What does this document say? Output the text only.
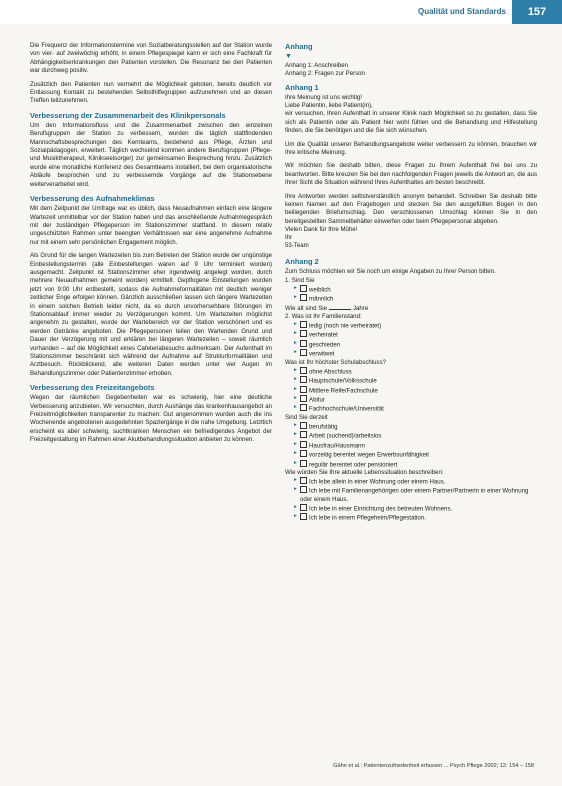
Qualität und Standards	157

Die Frequenz der Informationstermine von Sozialberatungsstellen auf der Station wurde von vier- auf zweiwöchig erhöht, in einem Pflegespiegel kann er sich eine Fachkraft für Abhängigkeitserkrankungen den Patienten vorstellen. Die Resonanz bei den Patienten war durchweg positiv.

Zusätzlich den Patienten nun vermehrt die Möglichkeit geboten, bereits deutlich vor Entlassung Kontakt zu bestehenden Selbsthilfegruppen aufzunehmen und an diesen Treffen teilzunehmen.

Verbesserung der Zusammenarbeit des Klinikpersonals

Um den Informationsfluss und die Zusammenarbeit zwischen den einzelnen Berufsgruppen der Station zu verbessern, wurden die täglich stattfindenden Mannschaftsbesprechungen des Kernteams, bestehend aus Pflege, Ärzten und Sozialpädagogen, erweitert. Täglich wechselnd kommen andere Berufsgruppen (Pflege- und Musiktherapeut, Klinikseelsorger) zur gemeinsamen Besprechung hinzu. Zusätzlich wurde eine monatliche Konferenz des Gesamtteams installiert, bei dem organisatorische Abläufe besprochen und zu verbessernde Vorgänge auf die Stationsebene weiterverarbeitet wird.

Verbesserung des Aufnahmeklimas

Mit dem Zeitpunkt der Umfrage war es üblich, dass Neuaufnahmen einfach eine längere Wartezeit unmittelbar vor der Station haben und das anschließende Aufnahmegespräch mit der zuständigen Pflegeperson im Stationszimmer stattfand. In diesem relativ ungeschützten Rahmen unter beengten Verhältnissen war eine angenehme Aufnahme nur mit einem sehr persönlichen Engagement möglich.

Als Grund für die langen Wartezeiten bis zum Betreten der Station wurde der ungünstige Einbestellungstermin (alle Einbestellungen waren auf 9 Uhr terminiert worden) ausgemacht. Zeitpunkt ist Stationszimmer eher irgendwelig angelegt worden, durch mehrere Neuaufnahmen gemeint worden) ermittelt. Gepflogene Einstellungen wurden jetzt von 9:00 Uhr entbestellt, sodass die Aufnahmeformalitäten mit deutlich weniger zeitlicher Enge erfolgen können. Gänzlich ausschließen lassen sich längere Wartezeiten in einem solchen Betrieb leider nicht, da es durch unvorhersehbare Störungen im Stationsablauf immer wieder zu Verzögerungen kommt. Um Wartezeiten möglichst angenehm zu gestalten, wurde der Wartebereich vor der Station verschönert und es werden Getränke angeboten. Die Pflegepersonen teilen den Wartenden Grund und Dauer der Verzögerung mit und erklären bei längeren Wartezeiten – soweit räumlich vorhanden – auf die Möglichkeit eines Cafeteriabesuchs aufmerksam. Der Aufenthalt im Stationszimmer beschränkt sich während der Aufnahme auf Strukturformalitäten und Arztbesuch. Rückblickend, alle weiteren Daten werden unter vier Augen im Behandlungszimmer oder Patientenzimmer erhoben.

Verbesserung des Freizeitangebots

Wegen der räumlichen Gegebenheiten war es schwierig, hier eine deutliche Verbesserung anzubieten. Wir versuchten, durch Aushänge das krankenhausangebot an Freizeitmöglichkeiten transparenter zu machen: Gut angenommen wurden auch die ins Wochenende angebotenen ausgedehnten Spaziergänge in die nahe Umgebung. Letztlich erscheint es aber schwierig, suchtkranken Menschen ein befriedigendes Angebot der Freizeitgestaltung im Rahmen einer Akutbehandlungssituation anbieten zu können.

Anhang
▼
Anhang 1: Anschreiben
Anhang 2: Fragen zur Person
Anhang 1
Ihre Meinung ist uns wichtig!
Liebe Patientin, liebe Patient(in),

wir versuchen, Ihren Aufenthalt in unserer Klinik nach Möglichkeit so zu gestalten, dass Sie sich als Patientin oder als Patient hier wohl fühlen und die Behandlung und Hilfestellung finden, die Sie benötigen und die Sie sich wünschen.

Um die Qualität unserer Behandlungsangebote weiter verbessern zu können, brauchen wir Ihre kritische Meinung.

Wir möchten Sie deshalb bitten, diese Fragen zu Ihrem Aufenthalt frei bei uns zu beantworten. Bitte kreuzen Sie bei den nachfolgenden Fragen jeweils die Antwort an, die aus Ihrer Sicht die Situation während Ihres Aufenthaltes am besten beschreibt.

Ihre Antworten werden selbstverständlich anonym behandelt. Schreiben Sie deshalb bitte keinen Namen auf den Fragebogen und stecken Sie den ausgefüllten Bogen in den beiliegenden Briefumschlag. Den verschlossenen Umschlag können Sie in den bereitgestellten Sammelbehälter einwerfen oder beim Pflegepersonal abgeben.

Vielen Dank für Ihre Mühe!
Ihr
53-Team
Anhang 2

Zum Schluss möchten wir Sie noch um einige Angaben zu Ihrer Person bitten.

1. Sind Sie
▸ weiblich
▸ männlich
Wie alt sind Sie	Jahre
2. Was ist Ihr Familienstand:
▸ ledig (noch nie verheiratet)
▸ verheiratet
▸ geschieden
▸ verwitwet
Was ist Ihr höchster Schulabschluss?
▸ ohne Abschluss
▸ Hauptschule/Volksschule
▸ Mittlere Reife/Fachschule
▸ Abitur
▸ Fachhochschule/Universität
Sind Sie derzeit
▸ berufstätig
▸ Arbeit (suchend)/arbeitslos
▸ Hausfrau/Hausmann
▸ vorzeitig berentet wegen Erwerbsunfähigkeit
▸ regulär berentet oder pensioniert
Wie würden Sie Ihre aktuelle Lebenssituation beschreiben:
▸ Ich lebe allein in einer Wohnung oder einem Haus.
▸ Ich lebe mit Familienangehörigen oder einem Partner/Partnerin in einer Wohnung oder einem Haus.
▸ Ich lebe in einer Einrichtung des betreuten Wohnens.
▸ Ich lebe in einem Pflegeheim/Pflegestation.
Gähn et al.: Patientenzufriedenheit erfassen ... Psych Pflege 2002; 12: 154 – 158
